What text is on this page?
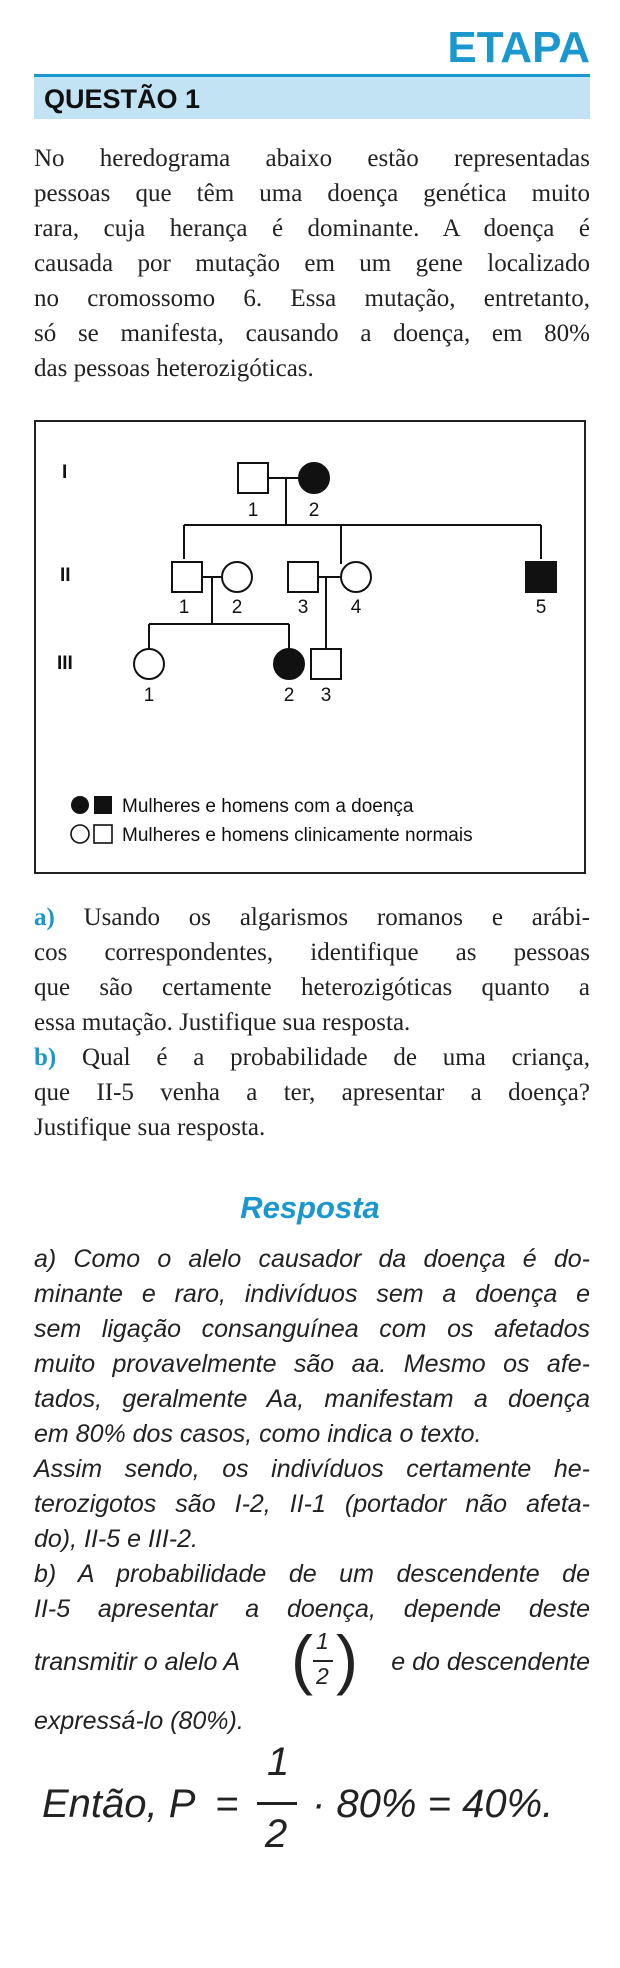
ETAPA
QUESTÃO 1
No heredograma abaixo estão representadas
pessoas que têm uma doença genética muito
rara, cuja herança é dominante. A doença é
causada por mutação em um gene localizado
no cromossomo 6. Essa mutação, entretanto,
só se manifesta, causando a doença, em 80%
das pessoas heterozigóticas.
I
II
III
1	2
1 2	3 4	5
1	2 3
Mulheres e homens com a doença
Mulheres e homens clinicamente normais
a) Usando os algarismos romanos e arábi-
cos correspondentes, identifique as pessoas
que são certamente heterozigóticas quanto a
essa mutação. Justifique sua resposta.
b) Qual é a probabilidade de uma criança,
que II-5 venha a ter, apresentar a doença?
Justifique sua resposta.
Resposta
a) Como o alelo causador da doença é do-
minante e raro, indivíduos sem a doença e
sem ligação consanguínea com os afetados
muito provavelmente são aa. Mesmo os afe-
tados, geralmente Aa, manifestam a doença
em 80% dos casos, como indica o texto.
Assim sendo, os indivíduos certamente he-
terozigotos são I-2, II-1 (portador não afeta-
do), II-5 e III-2.
b) A probabilidade de um descendente de
II-5 apresentar a doença, depende deste
transmitir o alelo A ( 1
2 ) e do descendente
expressá-lo (80%).
Então, P =
1
2
· 80% = 40%.
